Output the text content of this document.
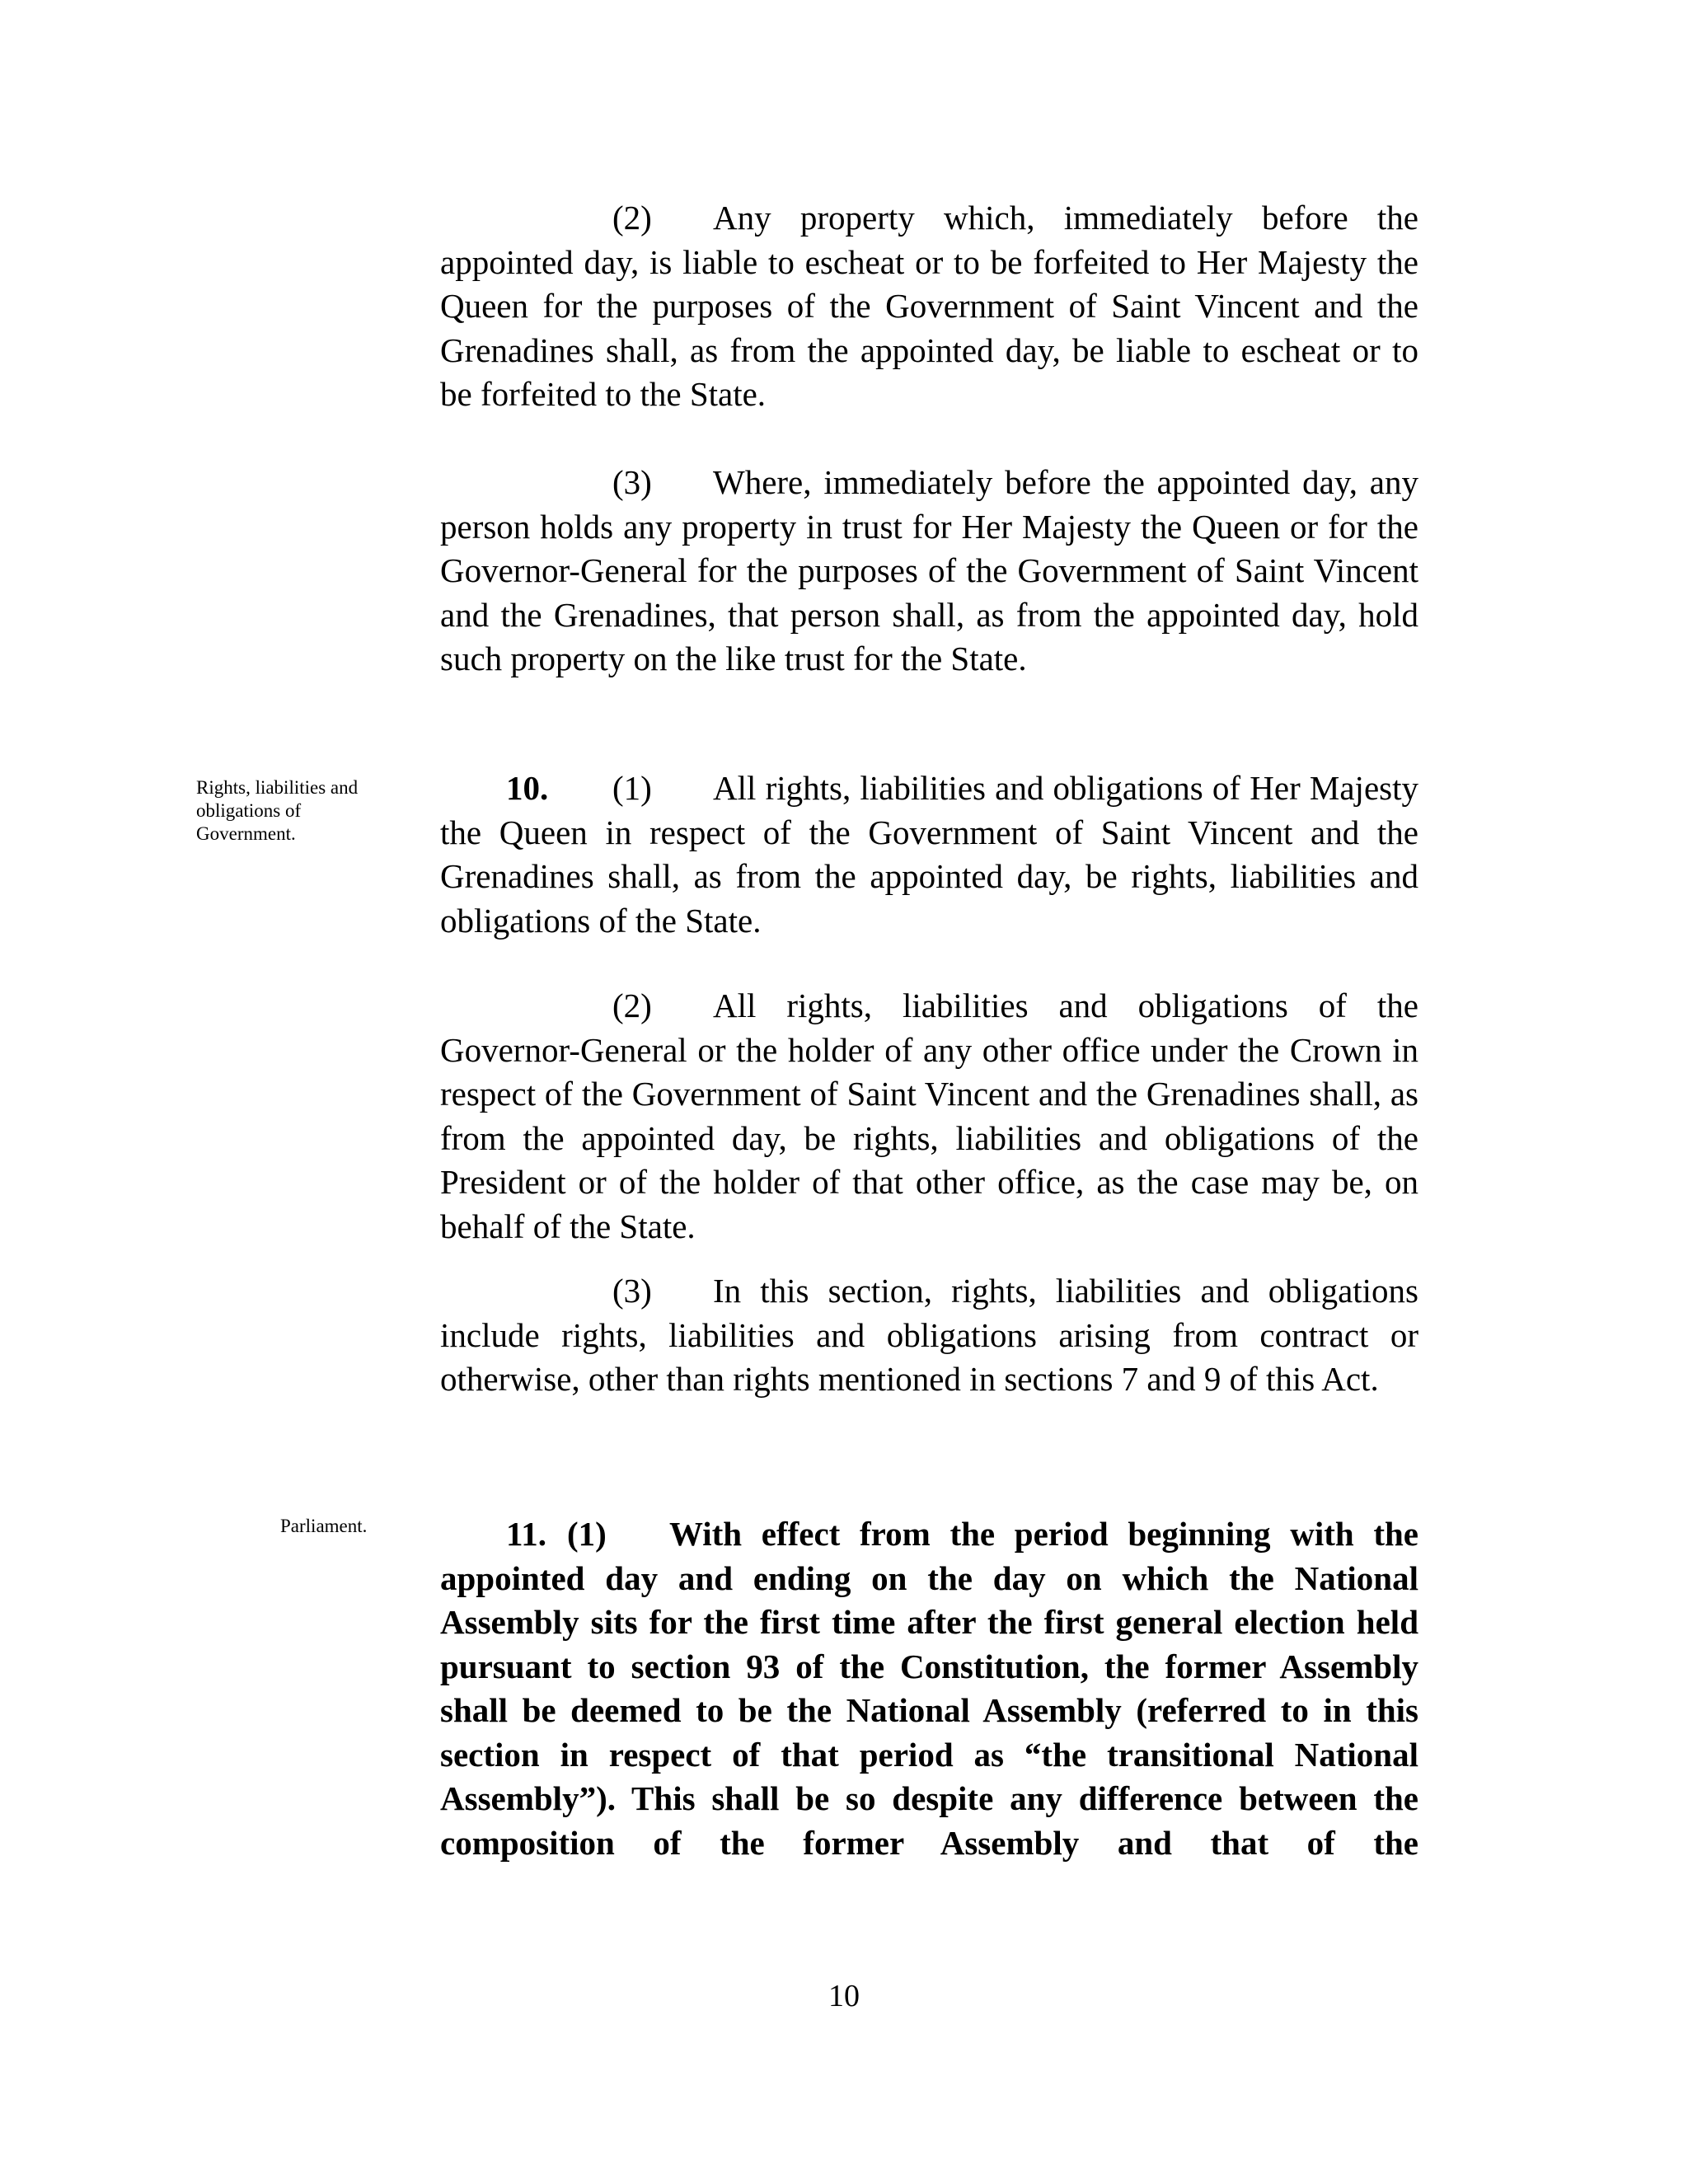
Rights, liabilities and obligations of Government.

Parliament.

(2) Any property which, immediately before the appointed day, is liable to escheat or to be forfeited to Her Majesty the Queen for the purposes of the Government of Saint Vincent and the Grenadines shall, as from the appointed day, be liable to escheat or to be forfeited to the State.

(3) Where, immediately before the appointed day, any person holds any property in trust for Her Majesty the Queen or for the Governor-General for the purposes of the Government of Saint Vincent and the Grenadines, that person shall, as from the appointed day, hold such property on the like trust for the State.

10. (1) All rights, liabilities and obligations of Her Majesty the Queen in respect of the Government of Saint Vincent and the Grenadines shall, as from the appointed day, be rights, liabilities and obligations of the State.

(2) All rights, liabilities and obligations of the Governor-General or the holder of any other office under the Crown in respect of the Government of Saint Vincent and the Grenadines shall, as from the appointed day, be rights, liabilities and obligations of the President or of the holder of that other office, as the case may be, on behalf of the State.

(3) In this section, rights, liabilities and obligations include rights, liabilities and obligations arising from contract or otherwise, other than rights mentioned in sections 7 and 9 of this Act.

11. (1) With effect from the period beginning with the appointed day and ending on the day on which the National Assembly sits for the first time after the first general election held pursuant to section 93 of the Constitution, the former Assembly shall be deemed to be the National Assembly (referred to in this section in respect of that period as “the transitional National Assembly”). This shall be so despite any difference between the composition of the former Assembly and that of the

10
